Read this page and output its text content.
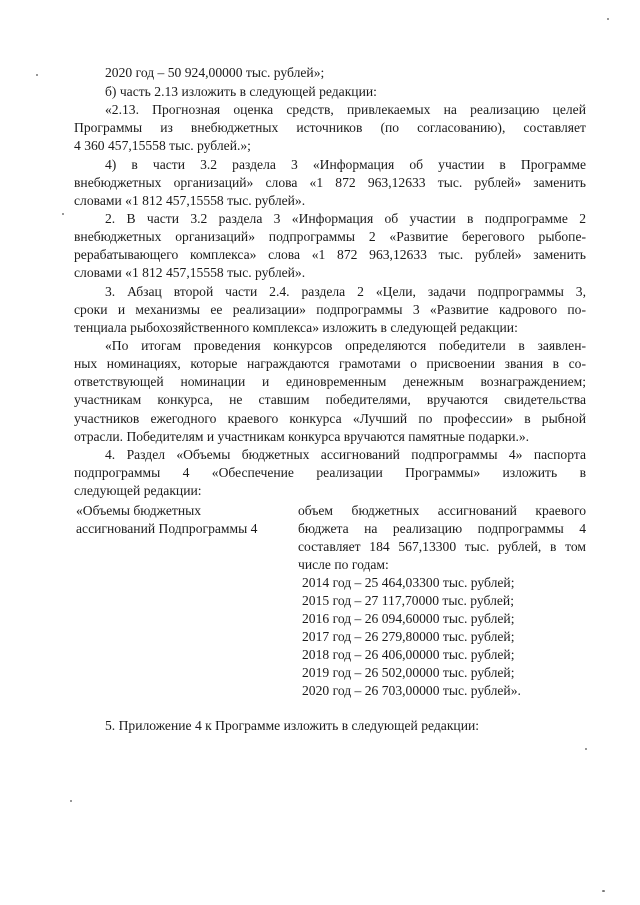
2020 год – 50 924,00000 тыс. рублей»;
б) часть 2.13 изложить в следующей редакции:
«2.13. Прогнозная оценка средств, привлекаемых на реализацию целей
Программы из внебюджетных источников (по согласованию), составляет
4 360 457,15558 тыс. рублей.»;
4) в части 3.2 раздела 3 «Информация об участии в Программе
внебюджетных организаций» слова «1 872 963,12633 тыс. рублей» заменить
словами «1 812 457,15558 тыс. рублей».
2. В части 3.2 раздела 3 «Информация об участии в подпрограмме 2
внебюджетных организаций» подпрограммы 2 «Развитие берегового рыбопе-
рерабатывающего комплекса» слова «1 872 963,12633 тыс. рублей» заменить
словами «1 812 457,15558 тыс. рублей».
3. Абзац второй части 2.4. раздела 2 «Цели, задачи подпрограммы 3,
сроки и механизмы ее реализации» подпрограммы 3 «Развитие кадрового по-
тенциала рыбохозяйственного комплекса» изложить в следующей редакции:
«По итогам проведения конкурсов определяются победители в заявлен-
ных номинациях, которые награждаются грамотами о присвоении звания в со-
ответствующей номинации и единовременным денежным вознаграждением;
участникам конкурса, не ставшим победителями, вручаются свидетельства
участников ежегодного краевого конкурса «Лучший по профессии» в рыбной
отрасли. Победителям и участникам конкурса вручаются памятные подарки.».
4. Раздел «Объемы бюджетных ассигнований подпрограммы 4» паспорта
подпрограммы 4 «Обеспечение реализации Программы» изложить в
следующей редакции:
«Объемы бюджетных
ассигнований Подпрограммы 4
объем бюджетных ассигнований краевого
бюджета на реализацию подпрограммы 4
составляет 184 567,13300 тыс. рублей, в том
числе по годам:
2014 год – 25 464,03300 тыс. рублей;
2015 год – 27 117,70000 тыс. рублей;
2016 год – 26 094,60000 тыс. рублей;
2017 год – 26 279,80000 тыс. рублей;
2018 год – 26 406,00000 тыс. рублей;
2019 год – 26 502,00000 тыс. рублей;
2020 год – 26 703,00000 тыс. рублей».
5. Приложение 4 к Программе изложить в следующей редакции:
